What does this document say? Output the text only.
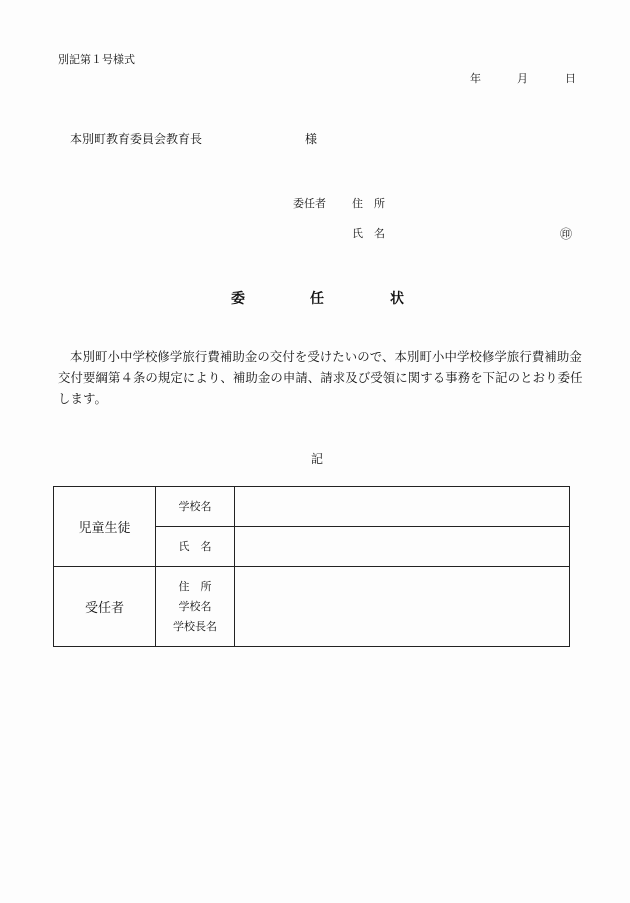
別記第１号様式
年	月	日
本別町教育委員会教育長	様
委任者 住　所
氏　名	㊞
委	任	状
本別町小中学校修学旅行費補助金の交付を受けたいので、本別町小中学校修学旅行費補助金交付要綱第４条の規定により、補助金の申請、請求及び受領に関する事務を下記のとおり委任します。
記
児童生徒	学校名	
	氏　名	
受任者	住　所
学校名
学校長名	
